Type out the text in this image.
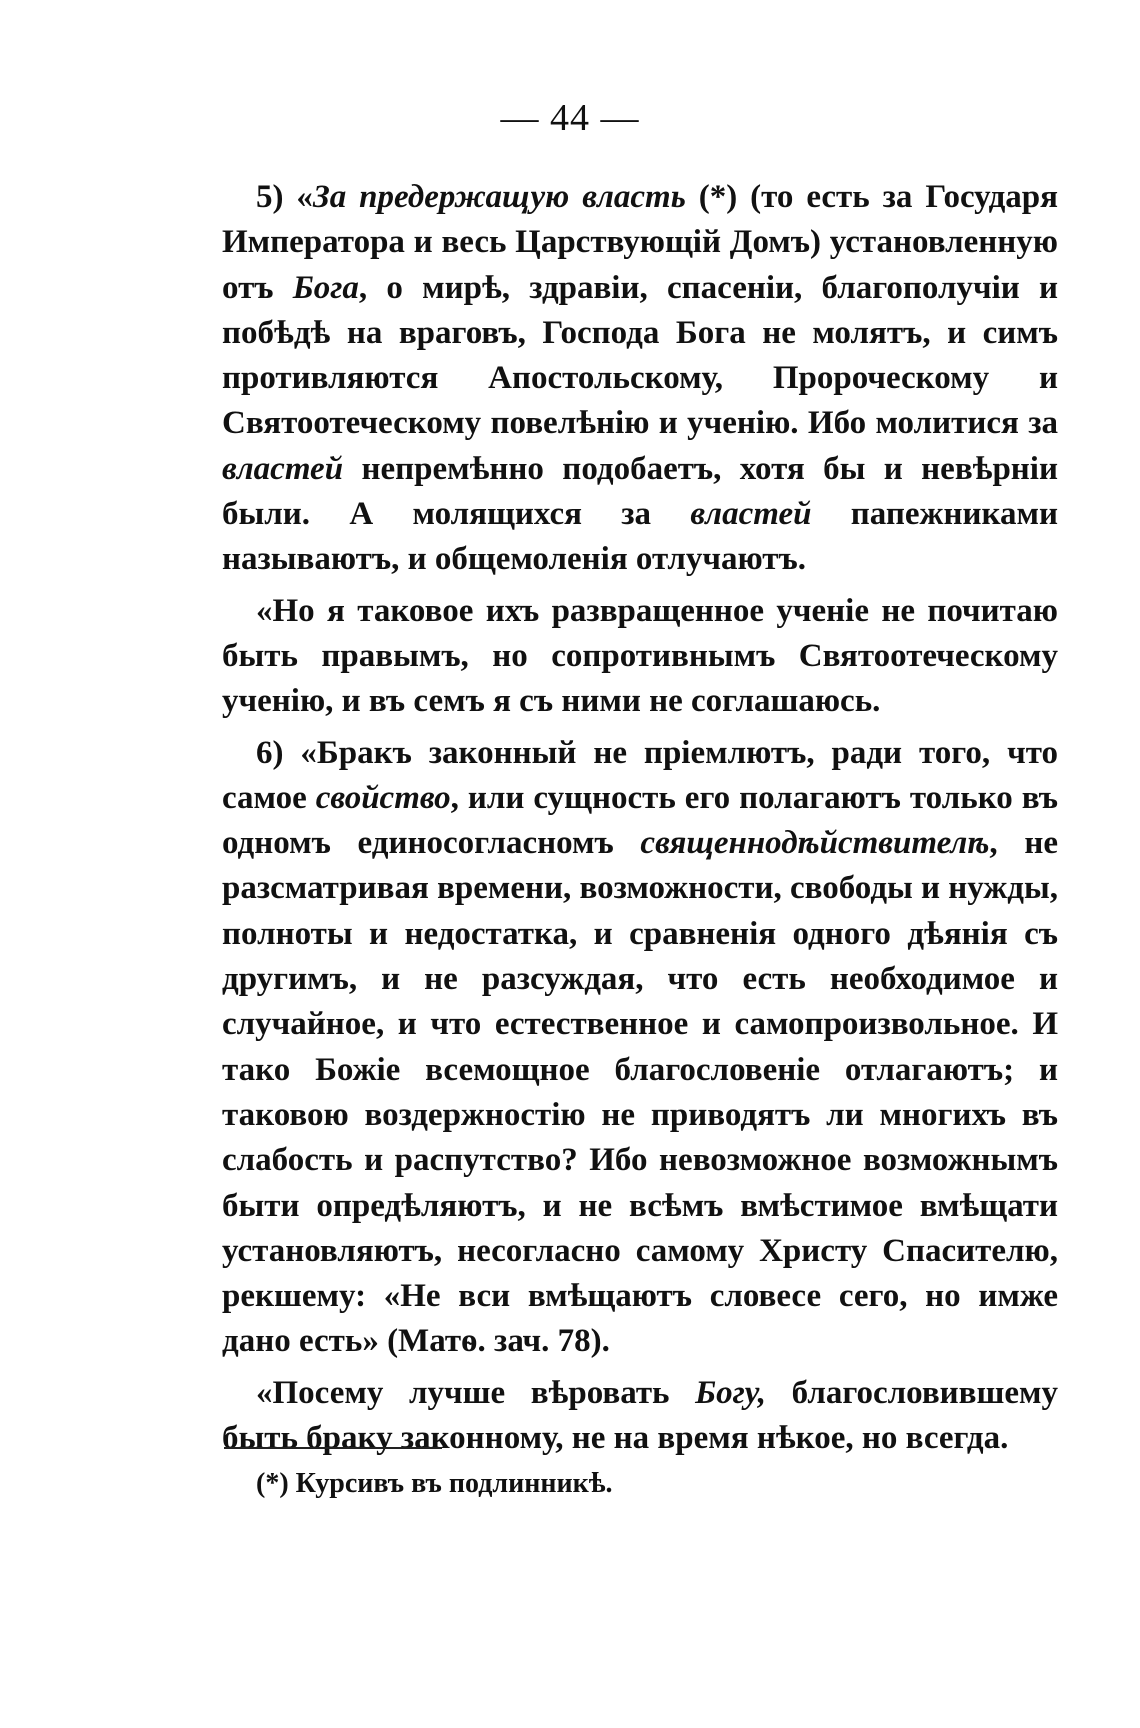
— 44 —

5) «За предержащую власть (*) (то есть за Государя Императора и весь Царствующій Домъ) установленную отъ Бога, о мирѣ, здравіи, спасеніи, благополучіи и побѣдѣ на враговъ, Господа Бога не молятъ, и симъ противляются Апостольскому, Пророческому и Святоотеческому повелѣнію и ученію. Ибо молитися за властей непремѣнно подобаетъ, хотя бы и невѣрніи были. А молящихся за властей папежниками называютъ, и общемоленія отлучаютъ.

«Но я таковое ихъ развращенное ученіе не почитаю быть правымъ, но сопротивнымъ Святоотеческому ученію, и въ семъ я съ ними не соглашаюсь.

6) «Бракъ законный не пріемлютъ, ради того, что самое свойство, или сущность его полагаютъ только въ одномъ единосогласномъ священнодѣйствителѣ, не разсматривая времени, возможности, свободы и нужды, полноты и недостатка, и сравненія одного дѣянія съ другимъ, и не разсуждая, что есть необходимое и случайное, и что естественное и самопроизвольное. И тако Божіе всемощное благословеніе отлагаютъ; и таковою воздержностію не приводятъ ли многихъ въ слабость и распутство? Ибо невозможное возможнымъ быти опредѣляютъ, и не всѣмъ вмѣстимое вмѣщати установляютъ, несогласно самому Христу Спасителю, рекшему: «Не вси вмѣщаютъ словесе сего, но имже дано есть» (Матѳ. зач. 78).

«Посему лучше вѣровать Богу, благословившему быть браку законному, не на время нѣкое, но всегда.

(*) Курсивъ въ подлинникѣ.
